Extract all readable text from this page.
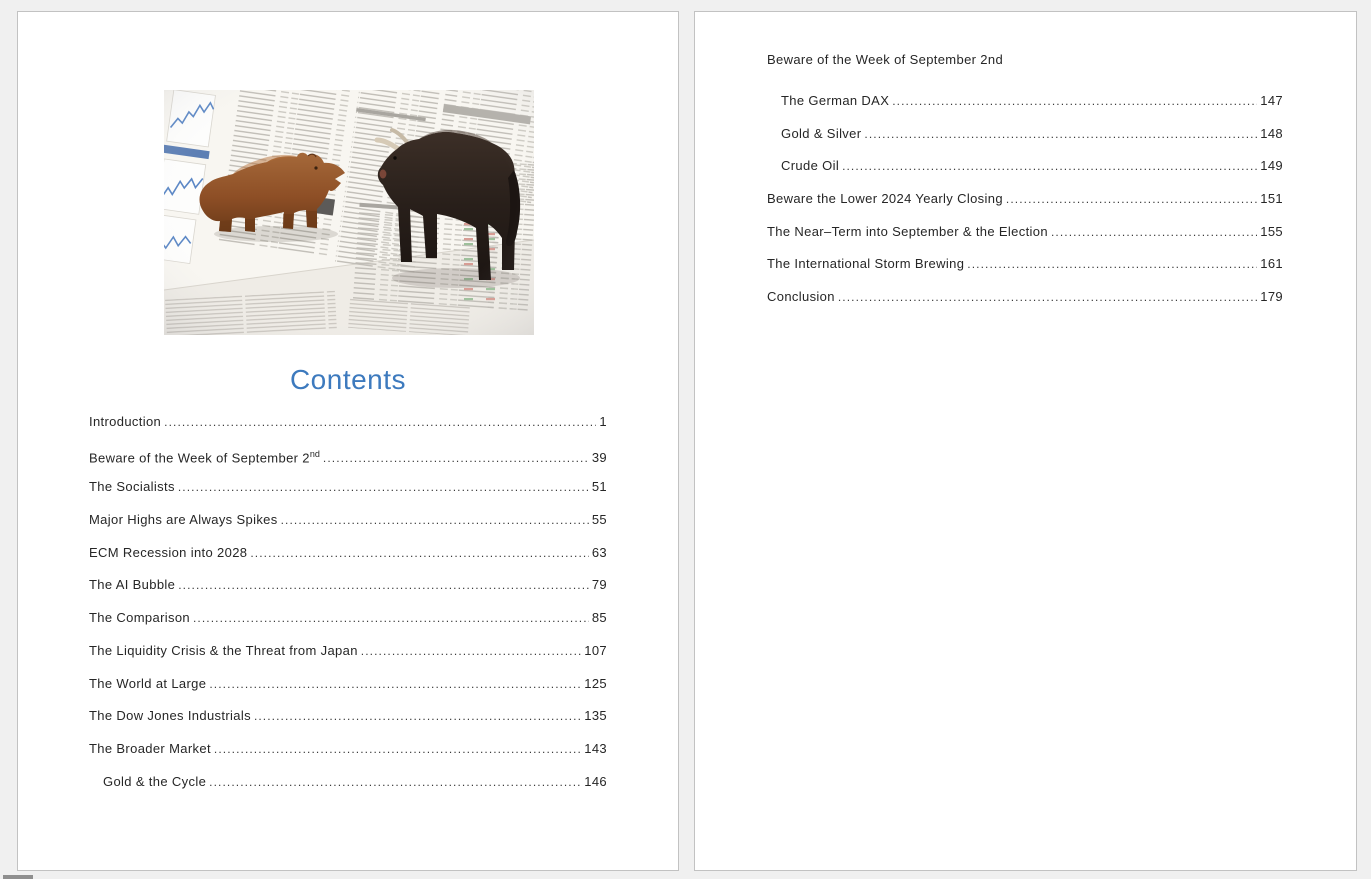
Contents
Introduction .....	1
Beware of the Week of September 2nd .....	39
The Socialists .....	51
Major Highs are Always Spikes .....	55
ECM Recession into 2028 .....	63
The AI Bubble .....	79
The Comparison .....	85
The Liquidity Crisis & the Threat from Japan .....	107
The World at Large .....	125
The Dow Jones Industrials .....	135
The Broader Market .....	143
Gold & the Cycle .....	146
Beware of the Week of September 2nd
The German DAX .....	147
Gold & Silver .....	148
Crude Oil .....	149
Beware the Lower 2024 Yearly Closing .....	151
The Near–Term into September & the Election .....	155
The International Storm Brewing .....	161
Conclusion .....	179
